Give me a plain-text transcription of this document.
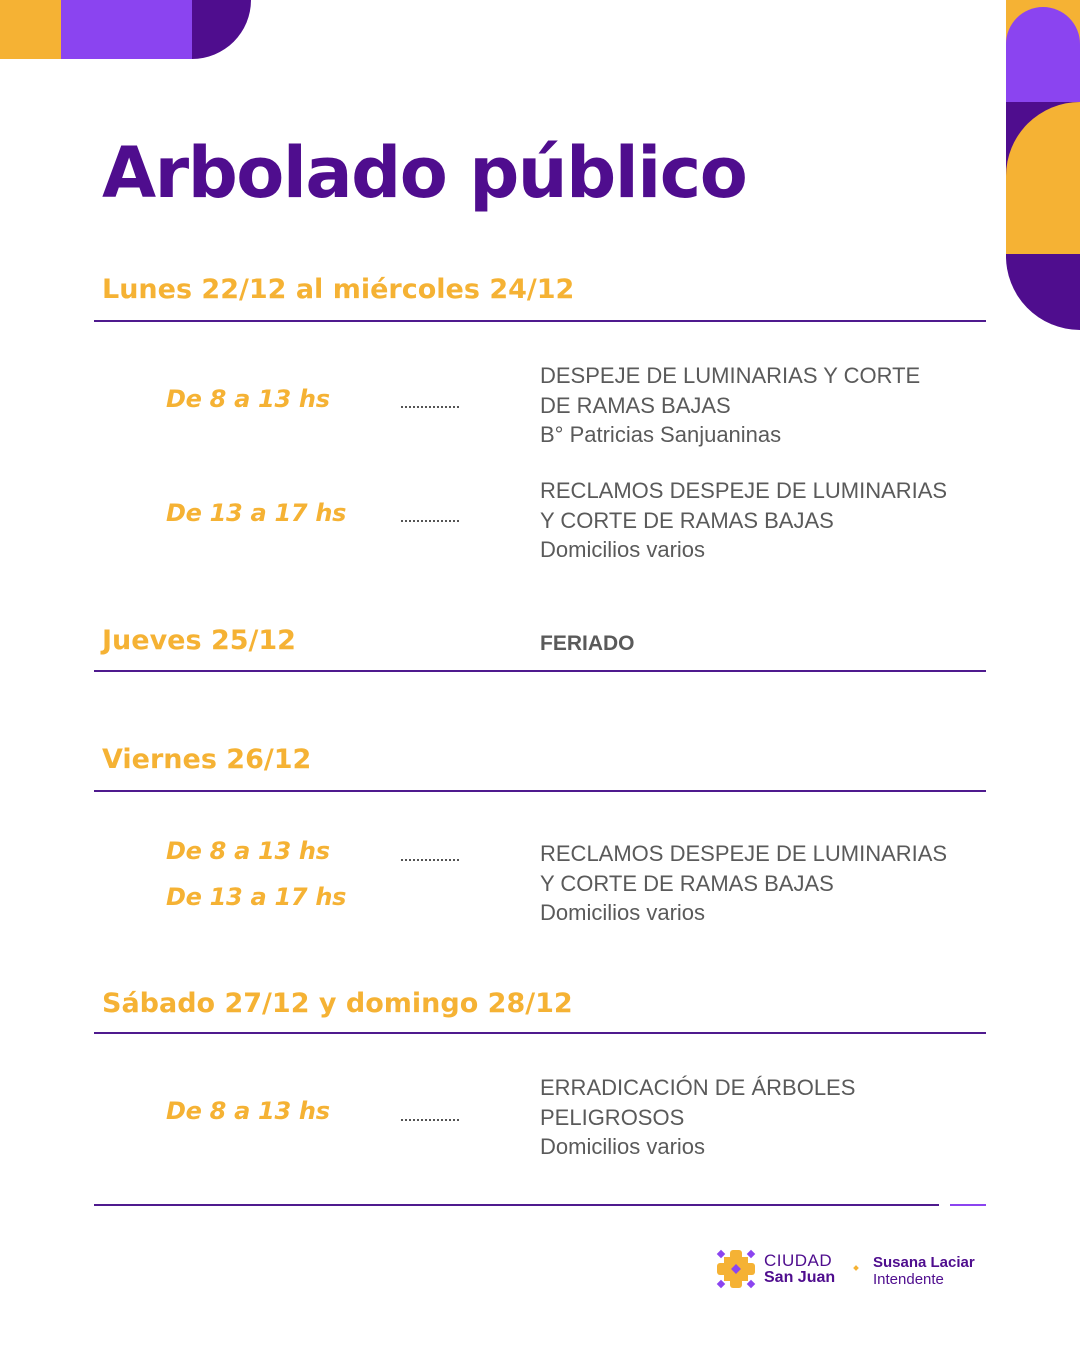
Arbolado público
Lunes 22/12 al miércoles 24/12
De 8 a 13 hs
DESPEJE DE LUMINARIAS Y CORTE
DE RAMAS BAJAS
B° Patricias Sanjuaninas
De 13 a 17 hs
RECLAMOS DESPEJE DE LUMINARIAS
Y CORTE DE RAMAS BAJAS
Domicilios varios
Jueves 25/12	FERIADO
Viernes 26/12
De 8 a 13 hs
De 13 a 17 hs
RECLAMOS DESPEJE DE LUMINARIAS
Y CORTE DE RAMAS BAJAS
Domicilios varios
Sábado 27/12 y domingo 28/12
De 8 a 13 hs
ERRADICACIÓN DE ÁRBOLES
PELIGROSOS
Domicilios varios
CIUDAD
San Juan
Susana Laciar
Intendente
